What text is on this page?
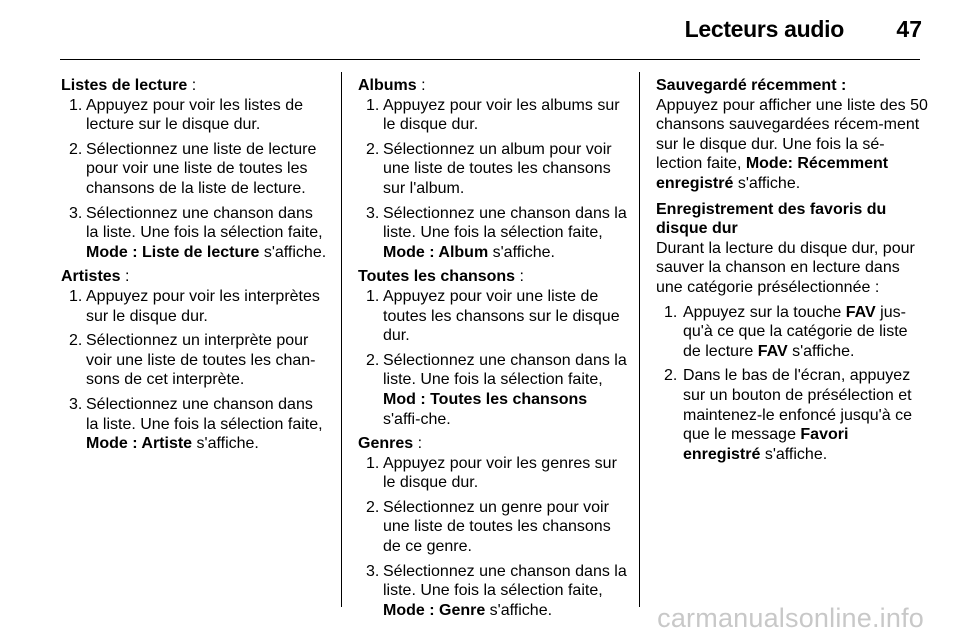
Lecteurs audio 47

Listes de lecture :

1. Appuyez pour voir les listes de lecture sur le disque dur.
2. Sélectionnez une liste de lecture pour voir une liste de toutes les chansons de la liste de lecture.
3. Sélectionnez une chanson dans la liste. Une fois la sélection faite, Mode : Liste de lecture s'affiche.

Artistes :

1. Appuyez pour voir les interprètes sur le disque dur.
2. Sélectionnez un interprète pour voir une liste de toutes les chan-sons de cet interprète.
3. Sélectionnez une chanson dans la liste. Une fois la sélection faite, Mode : Artiste s'affiche.

Albums :

1. Appuyez pour voir les albums sur le disque dur.
2. Sélectionnez un album pour voir une liste de toutes les chansons sur l'album.
3. Sélectionnez une chanson dans la liste. Une fois la sélection faite, Mode : Album s'affiche.

Toutes les chansons :

1. Appuyez pour voir une liste de toutes les chansons sur le disque dur.
2. Sélectionnez une chanson dans la liste. Une fois la sélection faite, Mod : Toutes les chansons s'affi-che.

Genres :

1. Appuyez pour voir les genres sur le disque dur.
2. Sélectionnez un genre pour voir une liste de toutes les chansons de ce genre.
3. Sélectionnez une chanson dans la liste. Une fois la sélection faite, Mode : Genre s'affiche.

Sauvegardé récemment :

Appuyez pour afficher une liste des 50 chansons sauvegardées récem-ment sur le disque dur. Une fois la sé-lection faite, Mode: Récemment enregistré s'affiche.

Enregistrement des favoris du disque dur

Durant la lecture du disque dur, pour sauver la chanson en lecture dans une catégorie présélectionnée :

1. Appuyez sur la touche FAV jus-qu'à ce que la catégorie de liste de lecture FAV s'affiche.
2. Dans le bas de l'écran, appuyez sur un bouton de présélection et maintenez-le enfoncé jusqu'à ce que le message Favori enregistré s'affiche.
carmanualsonline.info
